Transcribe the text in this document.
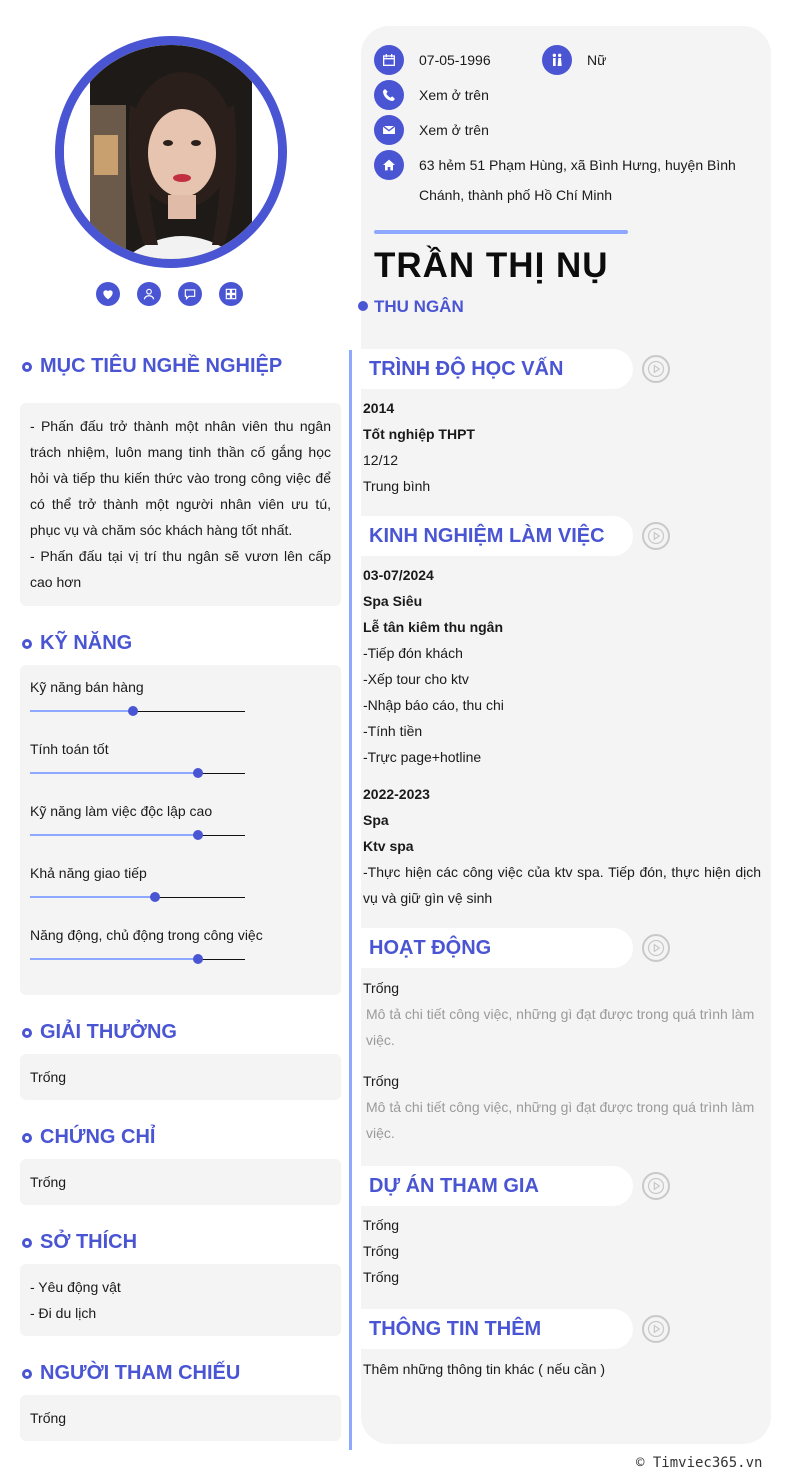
07-05-1996	Nữ
Xem ở trên
Xem ở trên
63 hẻm 51 Phạm Hùng, xã Bình Hưng, huyện Bình
Chánh, thành phố Hồ Chí Minh
TRẦN THỊ NỤ
THU NGÂN
MỤC TIÊU NGHỀ NGHIỆP
- Phấn đấu trở thành một nhân viên thu ngân trách nhiệm, luôn mang tinh thần cố gắng học hỏi và tiếp thu kiến thức vào trong công việc để có thể trở thành một người nhân viên ưu tú, phục vụ và chăm sóc khách hàng tốt nhất.
- Phấn đấu tại vị trí thu ngân sẽ vươn lên cấp cao hơn
KỸ NĂNG
Kỹ năng bán hàng
Tính toán tốt
Kỹ năng làm việc độc lập cao
Khả năng giao tiếp
Năng động, chủ động trong công việc
GIẢI THƯỞNG
Trống
CHỨNG CHỈ
Trống
SỞ THÍCH
- Yêu động vật
- Đi du lịch
NGƯỜI THAM CHIẾU
Trống
TRÌNH ĐỘ HỌC VẤN
2014
Tốt nghiệp THPT
12/12
Trung bình
KINH NGHIỆM LÀM VIỆC
03-07/2024
Spa Siêu
Lễ tân kiêm thu ngân
-Tiếp đón khách
-Xếp tour cho ktv
-Nhập báo cáo, thu chi
-Tính tiền
-Trực page+hotline
2022-2023
Spa
Ktv spa
-Thực hiện các công việc của ktv spa. Tiếp đón, thực hiện dịch vụ và giữ gìn vệ sinh
HOẠT ĐỘNG
Trống
Mô tả chi tiết công việc, những gì đạt được trong quá trình làm việc.
Trống
Mô tả chi tiết công việc, những gì đạt được trong quá trình làm việc.
DỰ ÁN THAM GIA
Trống
Trống
Trống
THÔNG TIN THÊM
Thêm những thông tin khác ( nếu cần )
© Timviec365.vn
